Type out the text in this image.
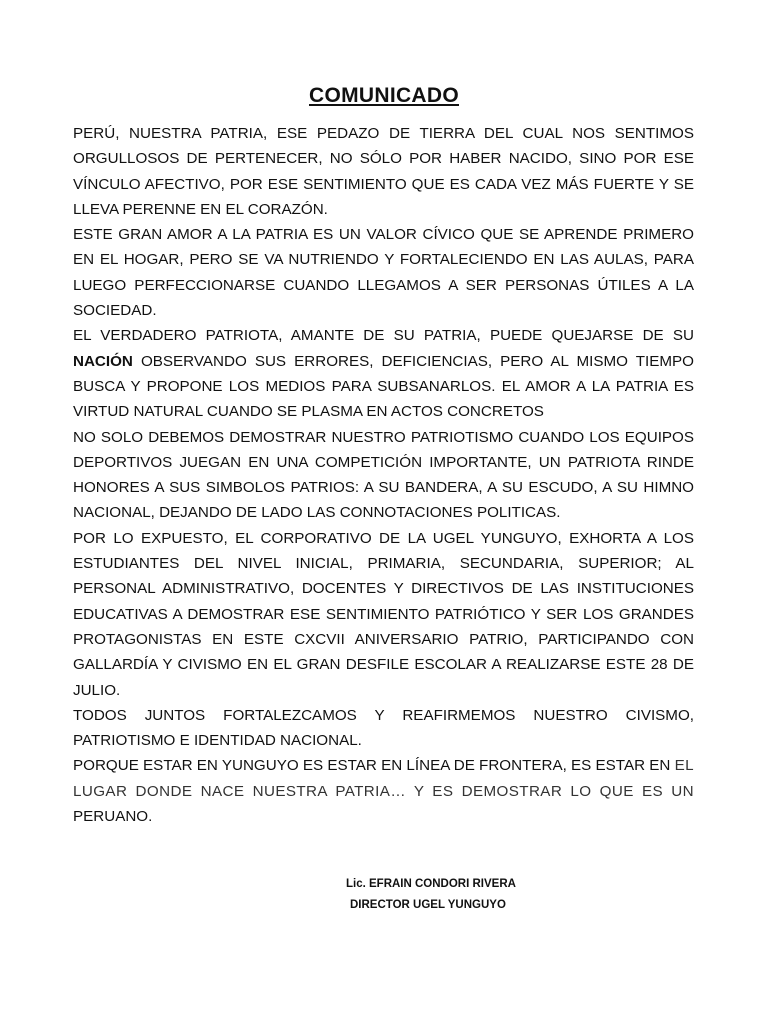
COMUNICADO

PERÚ, NUESTRA PATRIA, ESE PEDAZO DE TIERRA DEL CUAL NOS SENTIMOS ORGULLOSOS DE PERTENECER, NO SÓLO POR HABER NACIDO, SINO POR ESE VÍNCULO AFECTIVO, POR ESE SENTIMIENTO QUE ES CADA VEZ MÁS FUERTE Y SE LLEVA PERENNE EN EL CORAZÓN.

ESTE GRAN AMOR A LA PATRIA ES UN VALOR CÍVICO QUE SE APRENDE PRIMERO EN EL HOGAR, PERO SE VA NUTRIENDO Y FORTALECIENDO EN LAS AULAS, PARA LUEGO PERFECCIONARSE CUANDO LLEGAMOS A SER PERSONAS ÚTILES A LA SOCIEDAD.

EL VERDADERO PATRIOTA, AMANTE DE SU PATRIA, PUEDE QUEJARSE DE SU NACIÓN OBSERVANDO SUS ERRORES, DEFICIENCIAS, PERO AL MISMO TIEMPO BUSCA Y PROPONE LOS MEDIOS PARA SUBSANARLOS. EL AMOR A LA PATRIA ES VIRTUD NATURAL CUANDO SE PLASMA EN ACTOS CONCRETOS

NO SOLO DEBEMOS DEMOSTRAR NUESTRO PATRIOTISMO CUANDO LOS EQUIPOS DEPORTIVOS JUEGAN EN UNA COMPETICIÓN IMPORTANTE, UN PATRIOTA RINDE HONORES A SUS SIMBOLOS PATRIOS: A SU BANDERA, A SU ESCUDO, A SU HIMNO NACIONAL, DEJANDO DE LADO LAS CONNOTACIONES POLITICAS.

POR LO EXPUESTO, EL CORPORATIVO DE LA UGEL YUNGUYO, EXHORTA A LOS ESTUDIANTES DEL NIVEL INICIAL, PRIMARIA, SECUNDARIA, SUPERIOR; AL PERSONAL ADMINISTRATIVO, DOCENTES Y DIRECTIVOS DE LAS INSTITUCIONES EDUCATIVAS A DEMOSTRAR ESE SENTIMIENTO PATRIÓTICO Y SER LOS GRANDES PROTAGONISTAS EN ESTE CXCVII ANIVERSARIO PATRIO, PARTICIPANDO CON GALLARDÍA Y CIVISMO EN EL GRAN DESFILE ESCOLAR A REALIZARSE ESTE 28 DE JULIO.

TODOS JUNTOS FORTALEZCAMOS Y REAFIRMEMOS NUESTRO CIVISMO, PATRIOTISMO E IDENTIDAD NACIONAL.

PORQUE ESTAR EN YUNGUYO ES ESTAR EN LÍNEA DE FRONTERA, ES ESTAR EN EL LUGAR DONDE NACE NUESTRA PATRIA… Y ES DEMOSTRAR LO QUE ES UN PERUANO.

Lic. EFRAIN CONDORI RIVERA
DIRECTOR UGEL YUNGUYO
